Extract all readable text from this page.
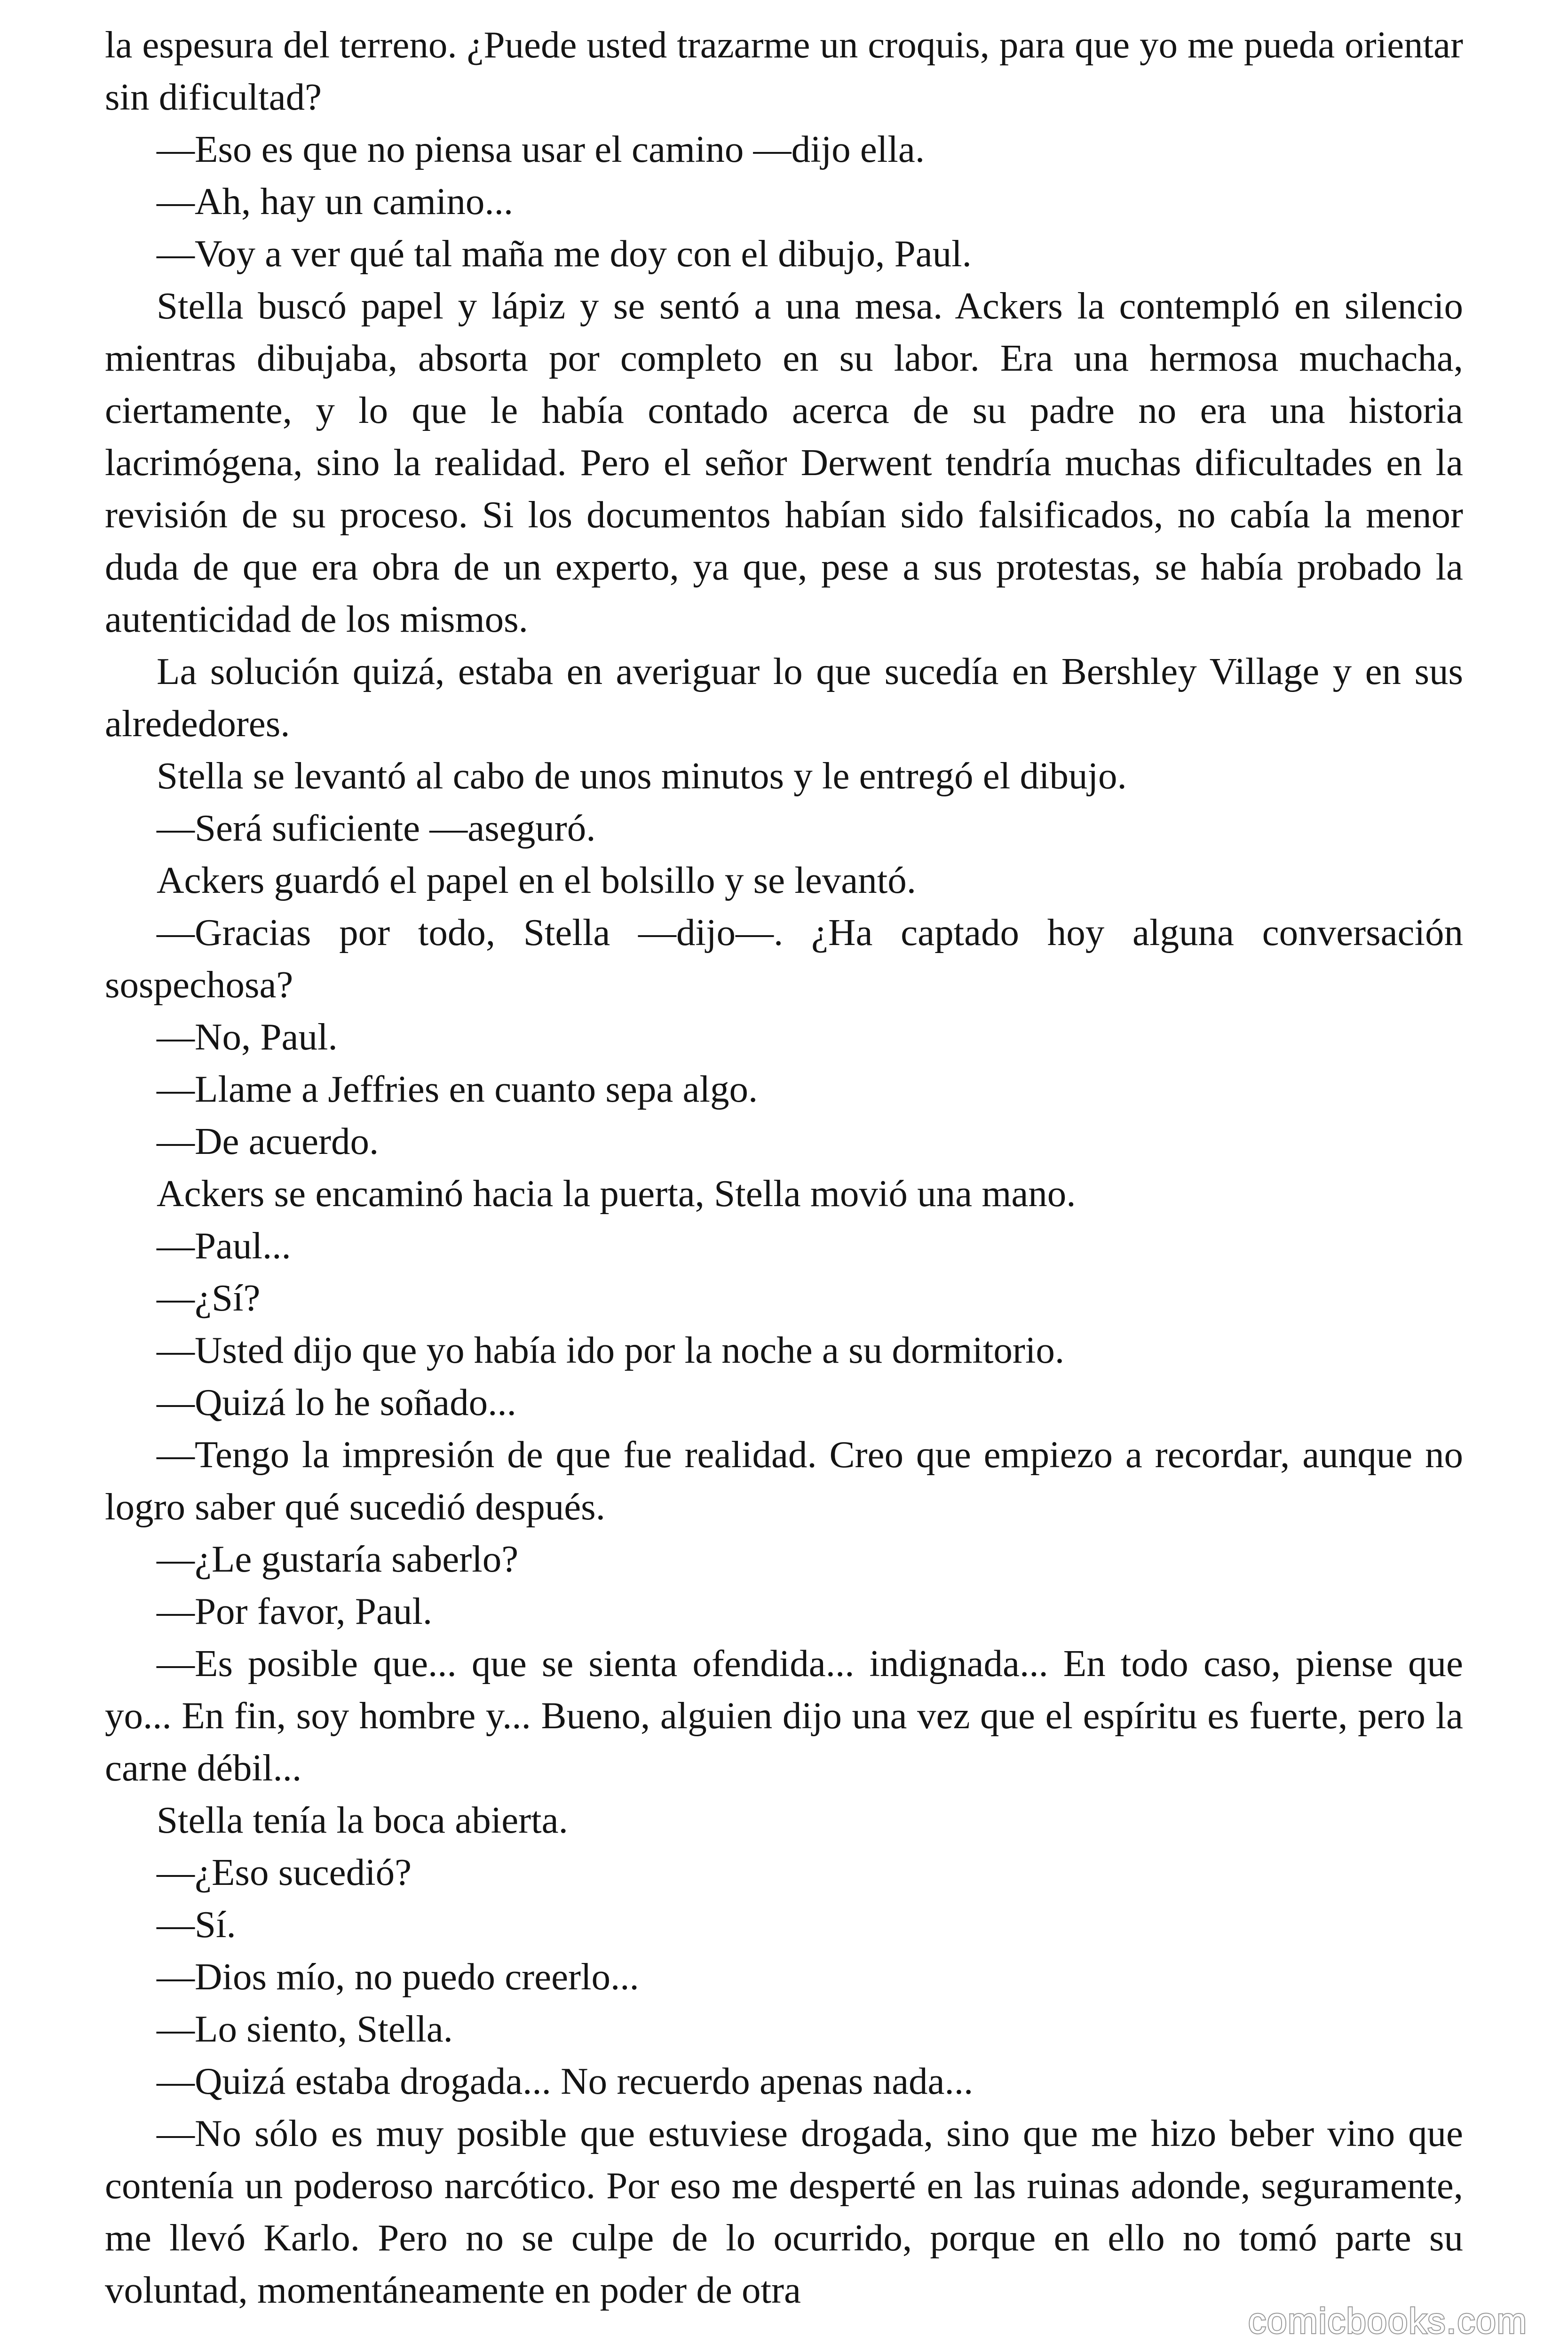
la espesura del terreno. ¿Puede usted trazarme un croquis, para que yo me pueda orientar sin dificultad?

—Eso es que no piensa usar el camino —dijo ella.

—Ah, hay un camino...

—Voy a ver qué tal maña me doy con el dibujo, Paul.

Stella buscó papel y lápiz y se sentó a una mesa. Ackers la contempló en silencio mientras dibujaba, absorta por completo en su labor. Era una hermosa muchacha, ciertamente, y lo que le había contado acerca de su padre no era una historia lacrimógena, sino la realidad. Pero el señor Derwent tendría muchas dificultades en la revisión de su proceso. Si los documentos habían sido falsificados, no cabía la menor duda de que era obra de un experto, ya que, pese a sus protestas, se había probado la autenticidad de los mismos.

La solución quizá, estaba en averiguar lo que sucedía en Bershley Village y en sus alrededores.

Stella se levantó al cabo de unos minutos y le entregó el dibujo.

—Será suficiente —aseguró.

Ackers guardó el papel en el bolsillo y se levantó.

—Gracias por todo, Stella —dijo—. ¿Ha captado hoy alguna conversación sospechosa?

—No, Paul.

—Llame a Jeffries en cuanto sepa algo.

—De acuerdo.

Ackers se encaminó hacia la puerta, Stella movió una mano.

—Paul...

—¿Sí?

—Usted dijo que yo había ido por la noche a su dormitorio.

—Quizá lo he soñado...

—Tengo la impresión de que fue realidad. Creo que empiezo a recordar, aunque no logro saber qué sucedió después.

—¿Le gustaría saberlo?

—Por favor, Paul.

—Es posible que... que se sienta ofendida... indignada... En todo caso, piense que yo... En fin, soy hombre y... Bueno, alguien dijo una vez que el espíritu es fuerte, pero la carne débil...

Stella tenía la boca abierta.

—¿Eso sucedió?

—Sí.

—Dios mío, no puedo creerlo...

—Lo siento, Stella.

—Quizá estaba drogada... No recuerdo apenas nada...

—No sólo es muy posible que estuviese drogada, sino que me hizo beber vino que contenía un poderoso narcótico. Por eso me desperté en las ruinas adonde, seguramente, me llevó Karlo. Pero no se culpe de lo ocurrido, porque en ello no tomó parte su voluntad, momentáneamente en poder de otra

comicbooks.com
